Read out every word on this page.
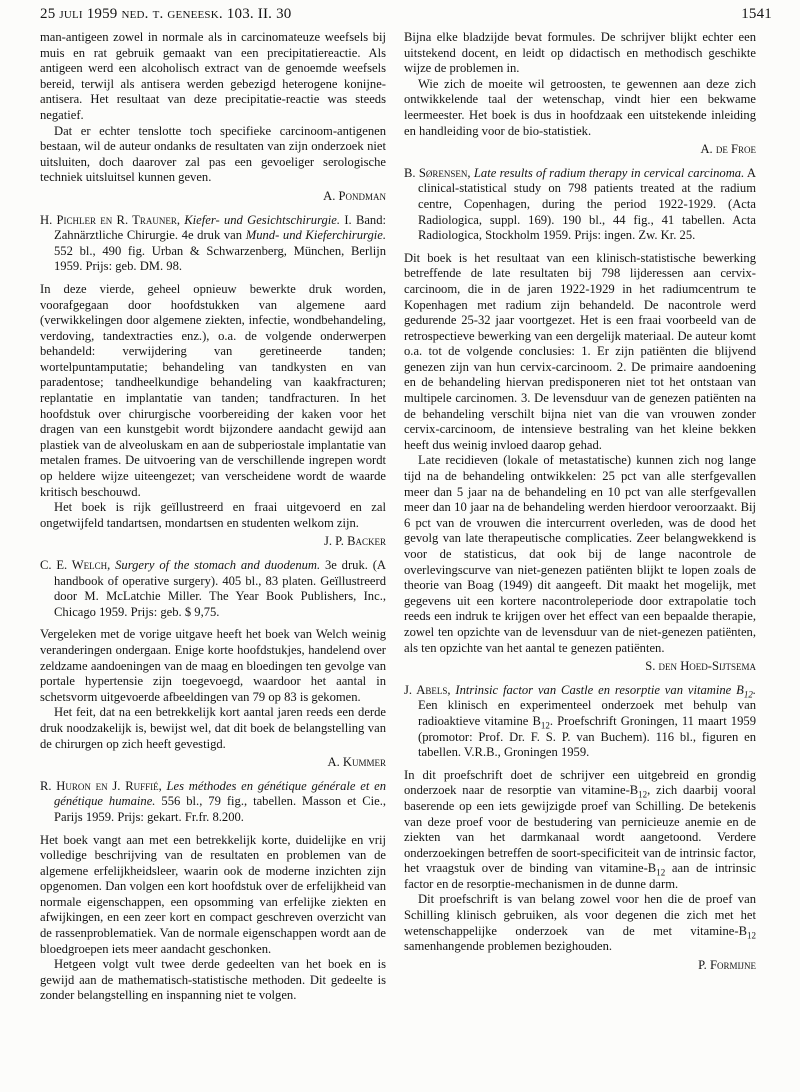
25 juli 1959 ned. t. geneesk. 103. II. 30	1541

man-antigeen zowel in normale als in carcinomateuze weefsels bij muis en rat gebruik gemaakt van een precipitatiereactie. Als antigeen werd een alcoholisch extract van de genoemde weefsels bereid, terwijl als antisera werden gebezigd heterogene konijne-antisera. Het resultaat van deze precipitatie-reactie was steeds negatief.

Dat er echter tenslotte toch specifieke carcinoom-antigenen bestaan, wil de auteur ondanks de resultaten van zijn onderzoek niet uitsluiten, doch daarover zal pas een gevoeliger serologische techniek uitsluitsel kunnen geven.

A. Pondman

H. Pichler en R. Trauner, Kiefer- und Gesichtschirurgie. I. Band: Zahnärztliche Chirurgie. 4e druk van Mund- und Kieferchirurgie. 552 bl., 490 fig. Urban & Schwarzenberg, München, Berlijn 1959. Prijs: geb. DM. 98.

In deze vierde, geheel opnieuw bewerkte druk worden, voorafgegaan door hoofdstukken van algemene aard (verwikkelingen door algemene ziekten, infectie, wondbehandeling, verdoving, tandextracties enz.), o.a. de volgende onderwerpen behandeld: verwijdering van geretineerde tanden; wortelpuntamputatie; behandeling van tandkysten en van paradentose; tandheelkundige behandeling van kaakfracturen; replantatie en implantatie van tanden; tandfracturen. In het hoofdstuk over chirurgische voorbereiding der kaken voor het dragen van een kunstgebit wordt bijzondere aandacht gewijd aan plastiek van de alveoluskam en aan de subperiostale implantatie van metalen frames. De uitvoering van de verschillende ingrepen wordt op heldere wijze uiteengezet; van verscheidene wordt de waarde kritisch beschouwd.

Het boek is rijk geïllustreerd en fraai uitgevoerd en zal ongetwijfeld tandartsen, mondartsen en studenten welkom zijn.

J. P. Backer

C. E. Welch, Surgery of the stomach and duodenum. 3e druk. (A handbook of operative surgery). 405 bl., 83 platen. Geïllustreerd door M. McLatchie Miller. The Year Book Publishers, Inc., Chicago 1959. Prijs: geb. $ 9,75.

Vergeleken met de vorige uitgave heeft het boek van Welch weinig veranderingen ondergaan. Enige korte hoofdstukjes, handelend over zeldzame aandoeningen van de maag en bloedingen ten gevolge van portale hypertensie zijn toegevoegd, waardoor het aantal in schetsvorm uitgevoerde afbeeldingen van 79 op 83 is gekomen.

Het feit, dat na een betrekkelijk kort aantal jaren reeds een derde druk noodzakelijk is, bewijst wel, dat dit boek de belangstelling van de chirurgen op zich heeft gevestigd.

A. Kummer

R. Huron en J. Ruffié, Les méthodes en génétique générale et en génétique humaine. 556 bl., 79 fig., tabellen. Masson et Cie., Parijs 1959. Prijs: gekart. Fr.fr. 8.200.

Het boek vangt aan met een betrekkelijk korte, duidelijke en vrij volledige beschrijving van de resultaten en problemen van de algemene erfelijkheidsleer, waarin ook de moderne inzichten zijn opgenomen. Dan volgen een kort hoofdstuk over de erfelijkheid van normale eigenschappen, een opsomming van erfelijke ziekten en afwijkingen, en een zeer kort en compact geschreven overzicht van de rassenproblematiek. Van de normale eigenschappen wordt aan de bloedgroepen iets meer aandacht geschonken.

Hetgeen volgt vult twee derde gedeelten van het boek en is gewijd aan de mathematisch-statistische methoden. Dit gedeelte is zonder belangstelling en inspanning niet te volgen.

Bijna elke bladzijde bevat formules. De schrijver blijkt echter een uitstekend docent, en leidt op didactisch en methodisch geschikte wijze de problemen in.

Wie zich de moeite wil getroosten, te gewennen aan deze zich ontwikkelende taal der wetenschap, vindt hier een bekwame leermeester. Het boek is dus in hoofdzaak een uitstekende inleiding en handleiding voor de bio-statistiek.

A. de Froe

B. Sørensen, Late results of radium therapy in cervical carcinoma. A clinical-statistical study on 798 patients treated at the radium centre, Copenhagen, during the period 1922-1929. (Acta Radiologica, suppl. 169). 190 bl., 44 fig., 41 tabellen. Acta Radiologica, Stockholm 1959. Prijs: ingen. Zw. Kr. 25.

Dit boek is het resultaat van een klinisch-statistische bewerking betreffende de late resultaten bij 798 lijderessen aan cervix-carcinoom, die in de jaren 1922-1929 in het radiumcentrum te Kopenhagen met radium zijn behandeld. De nacontrole werd gedurende 25-32 jaar voortgezet. Het is een fraai voorbeeld van de retrospectieve bewerking van een dergelijk materiaal. De auteur komt o.a. tot de volgende conclusies: 1. Er zijn patiënten die blijvend genezen zijn van hun cervix-carcinoom. 2. De primaire aandoening en de behandeling hiervan predisponeren niet tot het ontstaan van multipele carcinomen. 3. De levensduur van de genezen patiënten na de behandeling verschilt bijna niet van die van vrouwen zonder cervix-carcinoom, de intensieve bestraling van het kleine bekken heeft dus weinig invloed daarop gehad.

Late recidieven (lokale of metastatische) kunnen zich nog lange tijd na de behandeling ontwikkelen: 25 pct van alle sterfgevallen meer dan 5 jaar na de behandeling en 10 pct van alle sterfgevallen meer dan 10 jaar na de behandeling werden hierdoor veroorzaakt. Bij 6 pct van de vrouwen die intercurrent overleden, was de dood het gevolg van late therapeutische complicaties. Zeer belangwekkend is voor de statisticus, dat ook bij de lange nacontrole de overlevingscurve van niet-genezen patiënten blijkt te lopen zoals de theorie van Boag (1949) dit aangeeft. Dit maakt het mogelijk, met gegevens uit een kortere nacontroleperiode door extrapolatie toch reeds een indruk te krijgen over het effect van een bepaalde therapie, zowel ten opzichte van de levensduur van de niet-genezen patiënten, als ten opzichte van het aantal te genezen patiënten.

S. den Hoed-Sijtsema

J. Abels, Intrinsic factor van Castle en resorptie van vitamine $B_{12}$. Een klinisch en experimenteel onderzoek met behulp van radioaktieve vitamine $B_{12}$. Proefschrift Groningen, 11 maart 1959 (promotor: Prof. Dr. F. S. P. van Buchem). 116 bl., figuren en tabellen. V.R.B., Groningen 1959.

In dit proefschrift doet de schrijver een uitgebreid en grondig onderzoek naar de resorptie van vitamine-$B_{12}$, zich daarbij vooral baserende op een iets gewijzigde proef van Schilling. De betekenis van deze proef voor de bestudering van pernicieuze anemie en de ziekten van het darmkanaal wordt aangetoond. Verdere onderzoekingen betreffen de soort-specificiteit van de intrinsic factor, het vraagstuk over de binding van vitamine-$B_{12}$ aan de intrinsic factor en de resorptie-mechanismen in de dunne darm.

Dit proefschrift is van belang zowel voor hen die de proef van Schilling klinisch gebruiken, als voor degenen die zich met het wetenschappelijke onderzoek van de met vitamine-$B_{12}$ samenhangende problemen bezighouden.

P. Formijne
